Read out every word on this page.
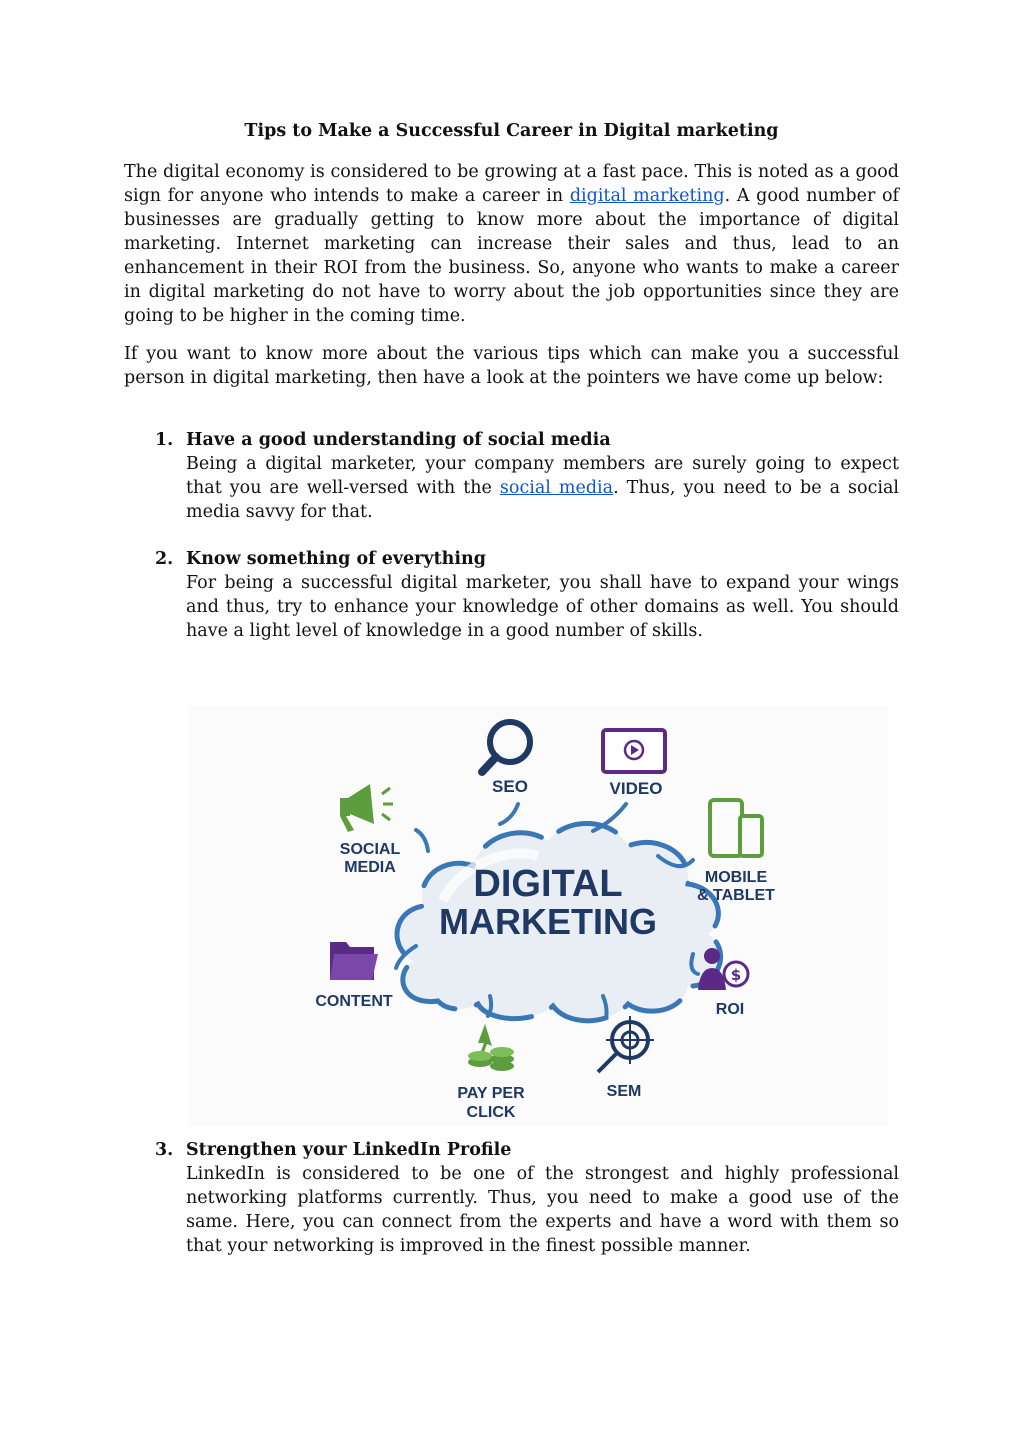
Tips to Make a Successful Career in Digital marketing

The digital economy is considered to be growing at a fast pace. This is noted as a good sign for anyone who intends to make a career in digital marketing. A good number of businesses are gradually getting to know more about the importance of digital marketing. Internet marketing can increase their sales and thus, lead to an enhancement in their ROI from the business. So, anyone who wants to make a career in digital marketing do not have to worry about the job opportunities since they are going to be higher in the coming time.

If you want to know more about the various tips which can make you a successful person in digital marketing, then have a look at the pointers we have come up below:

1. Have a good understanding of social media
Being a digital marketer, your company members are surely going to expect that you are well-versed with the social media. Thus, you need to be a social media savvy for that.
2. Know something of everything
For being a successful digital marketer, you shall have to expand your wings and thus, try to enhance your knowledge of other domains as well. You should have a light level of knowledge in a good number of skills.
DIGITAL
MARKETING
SEO	VIDEO
MOBILE
& TABLET
$
ROI
SEM
PAY PER
CLICK
CONTENT
SOCIAL
MEDIA
3. Strengthen your LinkedIn Profile
LinkedIn is considered to be one of the strongest and highly professional networking platforms currently. Thus, you need to make a good use of the same. Here, you can connect from the experts and have a word with them so that your networking is improved in the finest possible manner.
